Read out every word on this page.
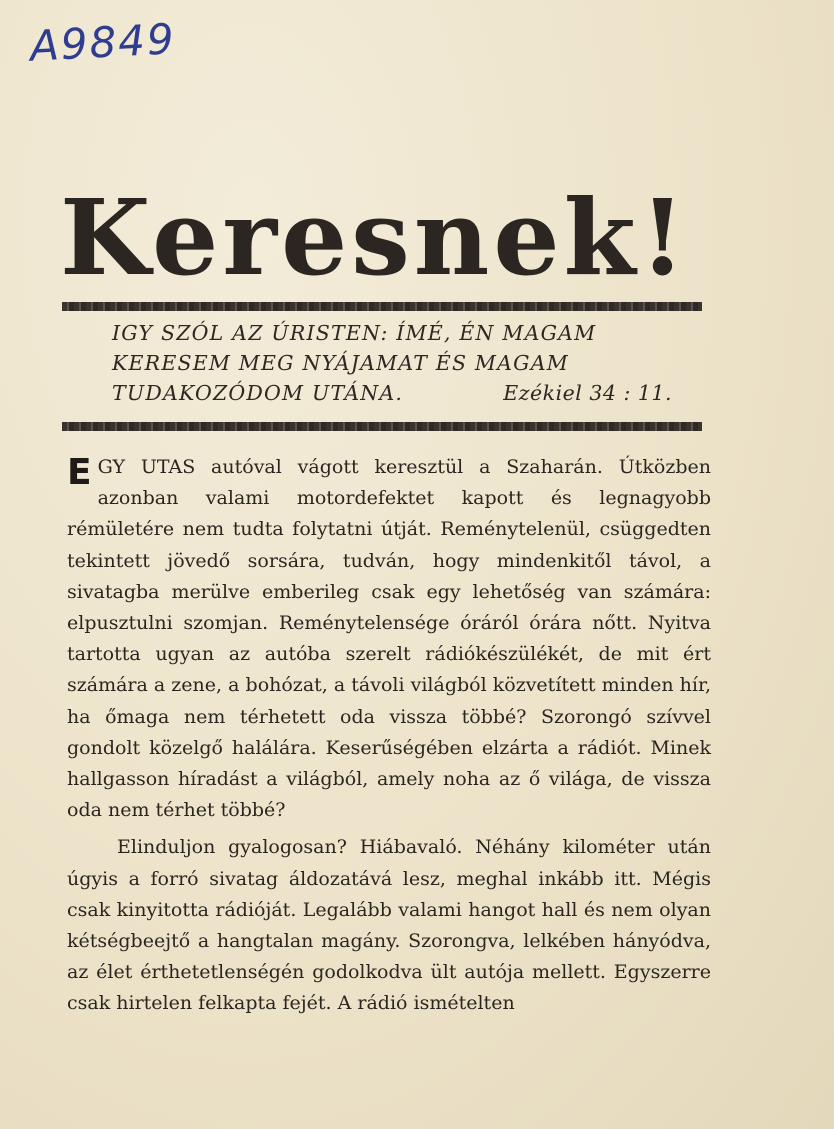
A9849
Keresnek!
IGY SZÓL AZ ÚRISTEN: ÍMÉ, ÉN MAGAM
KERESEM MEG NYÁJAMAT ÉS MAGAM
TUDAKOZÓDOM UTÁNA.	Ezékiel 34 : 11.

EGY UTAS autóval vágott keresztül a Szaharán. Útközben azonban valami motordefektet kapott és legnagyobb rémületére nem tudta folytatni útját. Reménytelenül, csüggedten tekintett jövedő sorsára, tudván, hogy mindenkitől távol, a sivatagba merülve emberileg csak egy lehetőség van számára: elpusztulni szomjan. Reménytelensége óráról órára nőtt. Nyitva tartotta ugyan az autóba szerelt rádiókészülékét, de mit ért számára a zene, a bohózat, a távoli világból közvetített minden hír, ha őmaga nem térhetett oda vissza többé? Szorongó szívvel gondolt közelgő halálára. Keserűségében elzárta a rádiót. Minek hallgasson híradást a világból, amely noha az ő világa, de vissza oda nem térhet többé?

Elinduljon gyalogosan? Hiábavaló. Néhány kilométer után úgyis a forró sivatag áldozatává lesz, meghal inkább itt. Mégis csak kinyitotta rádióját. Legalább valami hangot hall és nem olyan kétségbeejtő a hangtalan magány. Szorongva, lelkében hányódva, az élet érthetetlenségén godolkodva ült autója mellett. Egyszerre csak hirtelen felkapta fejét. A rádió ismételten
